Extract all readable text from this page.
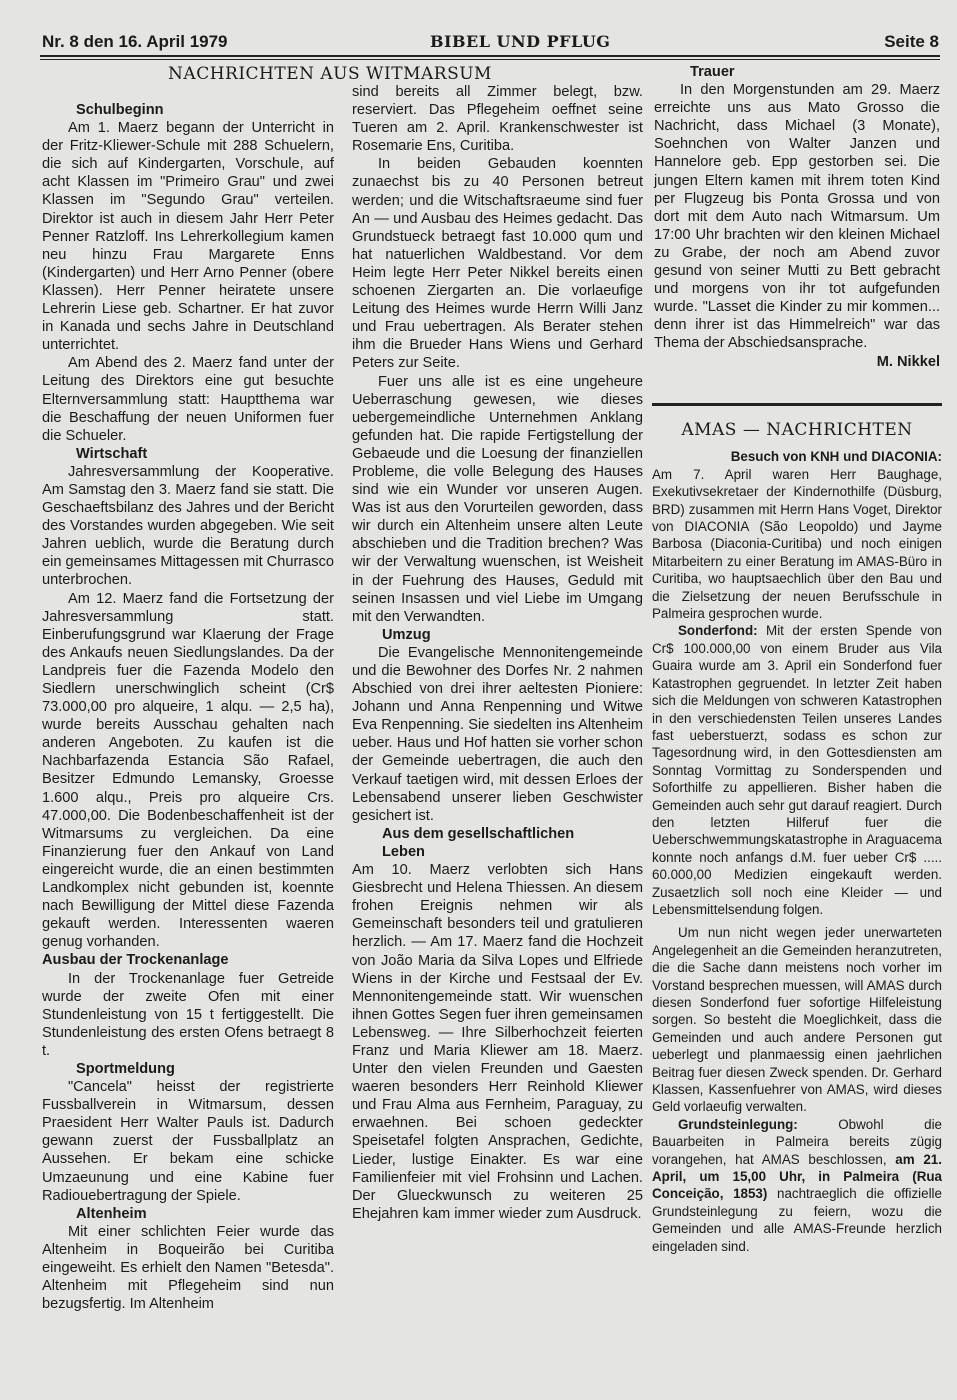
Nr. 8 den 16. April 1979	BIBEL UND PFLUG	Seite 8
NACHRICHTEN AUS WITMARSUM
Schulbeginn

Am 1. Maerz begann der Unterricht in der Fritz-Kliewer-Schule mit 288 Schuelern, die sich auf Kindergarten, Vorschule, auf acht Klassen im "Primeiro Grau" und zwei Klassen im "Segundo Grau" verteilen. Direktor ist auch in diesem Jahr Herr Peter Penner Ratzloff. Ins Lehrerkollegium kamen neu hinzu Frau Margarete Enns (Kindergarten) und Herr Arno Penner (obere Klassen). Herr Penner heiratete unsere Lehrerin Liese geb. Schartner. Er hat zuvor in Kanada und sechs Jahre in Deutschland unterrichtet.

Am Abend des 2. Maerz fand unter der Leitung des Direktors eine gut besuchte Elternversammlung statt: Hauptthema war die Beschaffung der neuen Uniformen fuer die Schueler.

Wirtschaft

Jahresversammlung der Kooperative. Am Samstag den 3. Maerz fand sie statt. Die Geschaeftsbilanz des Jahres und der Bericht des Vorstandes wurden abgegeben. Wie seit Jahren ueblich, wurde die Beratung durch ein gemeinsames Mittagessen mit Churrasco unterbrochen.

Am 12. Maerz fand die Fortsetzung der Jahresversammlung statt. Einberufungsgrund war Klaerung der Frage des Ankaufs neuen Siedlungslandes. Da der Landpreis fuer die Fazenda Modelo den Siedlern unerschwinglich scheint (Cr$ 73.000,00 pro alqueire, 1 alqu. — 2,5 ha), wurde bereits Ausschau gehalten nach anderen Angeboten. Zu kaufen ist die Nachbarfazenda Estancia São Rafael, Besitzer Edmundo Lemansky, Groesse 1.600 alqu., Preis pro alqueire Crs. 47.000,00. Die Bodenbeschaffenheit ist der Witmarsums zu vergleichen. Da eine Finanzierung fuer den Ankauf von Land eingereicht wurde, die an einen bestimmten Landkomplex nicht gebunden ist, koennte nach Bewilligung der Mittel diese Fazenda gekauft werden. Interessenten waeren genug vorhanden.

Ausbau der Trockenanlage

In der Trockenanlage fuer Getreide wurde der zweite Ofen mit einer Stundenleistung von 15 t fertiggestellt. Die Stundenleistung des ersten Ofens betraegt 8 t.

Sportmeldung

"Cancela" heisst der registrierte Fussballverein in Witmarsum, dessen Praesident Herr Walter Pauls ist. Dadurch gewann zuerst der Fussballplatz an Aussehen. Er bekam eine schicke Umzaeunung und eine Kabine fuer Radiouebertragung der Spiele.

Altenheim

Mit einer schlichten Feier wurde das Altenheim in Boqueirão bei Curitiba eingeweiht. Es erhielt den Namen "Betesda". Altenheim mit Pflegeheim sind nun bezugsfertig. Im Altenheim

sind bereits all Zimmer belegt, bzw. reserviert. Das Pflegeheim oeffnet seine Tueren am 2. April. Krankenschwester ist Rosemarie Ens, Curitiba.

In beiden Gebauden koennten zunaechst bis zu 40 Personen betreut werden; und die Witschaftsraeume sind fuer An — und Ausbau des Heimes gedacht. Das Grundstueck betraegt fast 10.000 qum und hat natuerlichen Waldbestand. Vor dem Heim legte Herr Peter Nikkel bereits einen schoenen Ziergarten an. Die vorlaeufige Leitung des Heimes wurde Herrn Willi Janz und Frau uebertragen. Als Berater stehen ihm die Brueder Hans Wiens und Gerhard Peters zur Seite.

Fuer uns alle ist es eine ungeheure Ueberraschung gewesen, wie dieses uebergemeindliche Unternehmen Anklang gefunden hat. Die rapide Fertigstellung der Gebaeude und die Loesung der finanziellen Probleme, die volle Belegung des Hauses sind wie ein Wunder vor unseren Augen. Was ist aus den Vorurteilen geworden, dass wir durch ein Altenheim unsere alten Leute abschieben und die Tradition brechen? Was wir der Verwaltung wuenschen, ist Weisheit in der Fuehrung des Hauses, Geduld mit seinen Insassen und viel Liebe im Umgang mit den Verwandten.

Umzug

Die Evangelische Mennonitengemeinde und die Bewohner des Dorfes Nr. 2 nahmen Abschied von drei ihrer aeltesten Pioniere: Johann und Anna Renpenning und Witwe Eva Renpenning. Sie siedelten ins Altenheim ueber. Haus und Hof hatten sie vorher schon der Gemeinde uebertragen, die auch den Verkauf taetigen wird, mit dessen Erloes der Lebensabend unserer lieben Geschwister gesichert ist.

Aus dem gesellschaftlichen Leben

Am 10. Maerz verlobten sich Hans Giesbrecht und Helena Thiessen. An diesem frohen Ereignis nehmen wir als Gemeinschaft besonders teil und gratulieren herzlich. — Am 17. Maerz fand die Hochzeit von João Maria da Silva Lopes und Elfriede Wiens in der Kirche und Festsaal der Ev. Mennonitengemeinde statt. Wir wuenschen ihnen Gottes Segen fuer ihren gemeinsamen Lebensweg. — Ihre Silberhochzeit feierten Franz und Maria Kliewer am 18. Maerz. Unter den vielen Freunden und Gaesten waeren besonders Herr Reinhold Kliewer und Frau Alma aus Fernheim, Paraguay, zu erwaehnen. Bei schoen gedeckter Speisetafel folgten Ansprachen, Gedichte, Lieder, lustige Einakter. Es war eine Familienfeier mit viel Frohsinn und Lachen. Der Glueckwunsch zu weiteren 25 Ehejahren kam immer wieder zum Ausdruck.

Trauer

In den Morgenstunden am 29. Maerz erreichte uns aus Mato Grosso die Nachricht, dass Michael (3 Monate), Soehnchen von Walter Janzen und Hannelore geb. Epp gestorben sei. Die jungen Eltern kamen mit ihrem toten Kind per Flugzeug bis Ponta Grossa und von dort mit dem Auto nach Witmarsum. Um 17:00 Uhr brachten wir den kleinen Michael zu Grabe, der noch am Abend zuvor gesund von seiner Mutti zu Bett gebracht und morgens von ihr tot aufgefunden wurde. "Lasset die Kinder zu mir kommen... denn ihrer ist das Himmelreich" war das Thema der Abschiedsansprache.

M. Nikkel
AMAS — NACHRICHTEN

Besuch von KNH und DIACONIA:
Am 7. April waren Herr Baughage, Exekutivsekretaer der Kindernothilfe (Düsburg, BRD) zusammen mit Herrn Hans Voget, Direktor von DIACONIA (São Leopoldo) und Jayme Barbosa (Diaconia-Curitiba) und noch einigen Mitarbeitern zu einer Beratung im AMAS-Büro in Curitiba, wo hauptsaechlich über den Bau und die Zielsetzung der neuen Berufsschule in Palmeira gesprochen wurde.

Sonderfond: Mit der ersten Spende von Cr$ 100.000,00 von einem Bruder aus Vila Guaira wurde am 3. April ein Sonderfond fuer Katastrophen gegruendet. In letzter Zeit haben sich die Meldungen von schweren Katastrophen in den verschiedensten Teilen unseres Landes fast ueberstuerzt, sodass es schon zur Tagesordnung wird, in den Gottesdiensten am Sonntag Vormittag zu Sonderspenden und Soforthilfe zu appellieren. Bisher haben die Gemeinden auch sehr gut darauf reagiert. Durch den letzten Hilferuf fuer die Ueberschwemmungskatastrophe in Araguacema konnte noch anfangs d.M. fuer ueber Cr$ ..... 60.000,00 Medizien eingekauft werden. Zusaetzlich soll noch eine Kleider — und Lebensmittelsendung folgen.

Um nun nicht wegen jeder unerwarteten Angelegenheit an die Gemeinden heranzutreten, die die Sache dann meistens noch vorher im Vorstand besprechen muessen, will AMAS durch diesen Sonderfond fuer sofortige Hilfeleistung sorgen. So besteht die Moeglichkeit, dass die Gemeinden und auch andere Personen gut ueberlegt und planmaessig einen jaehrlichen Beitrag fuer diesen Zweck spenden. Dr. Gerhard Klassen, Kassenfuehrer von AMAS, wird dieses Geld vorlaeufig verwalten.

Grundsteinlegung:	Obwohl die Bauarbeiten in Palmeira bereits zügig vorangehen, hat AMAS beschlossen, am 21. April, um 15,00 Uhr, in Palmeira (Rua Conceição, 1853) nachtraeglich die offizielle Grundsteinlegung zu feiern, wozu die Gemeinden und alle AMAS-Freunde herzlich eingeladen sind.
